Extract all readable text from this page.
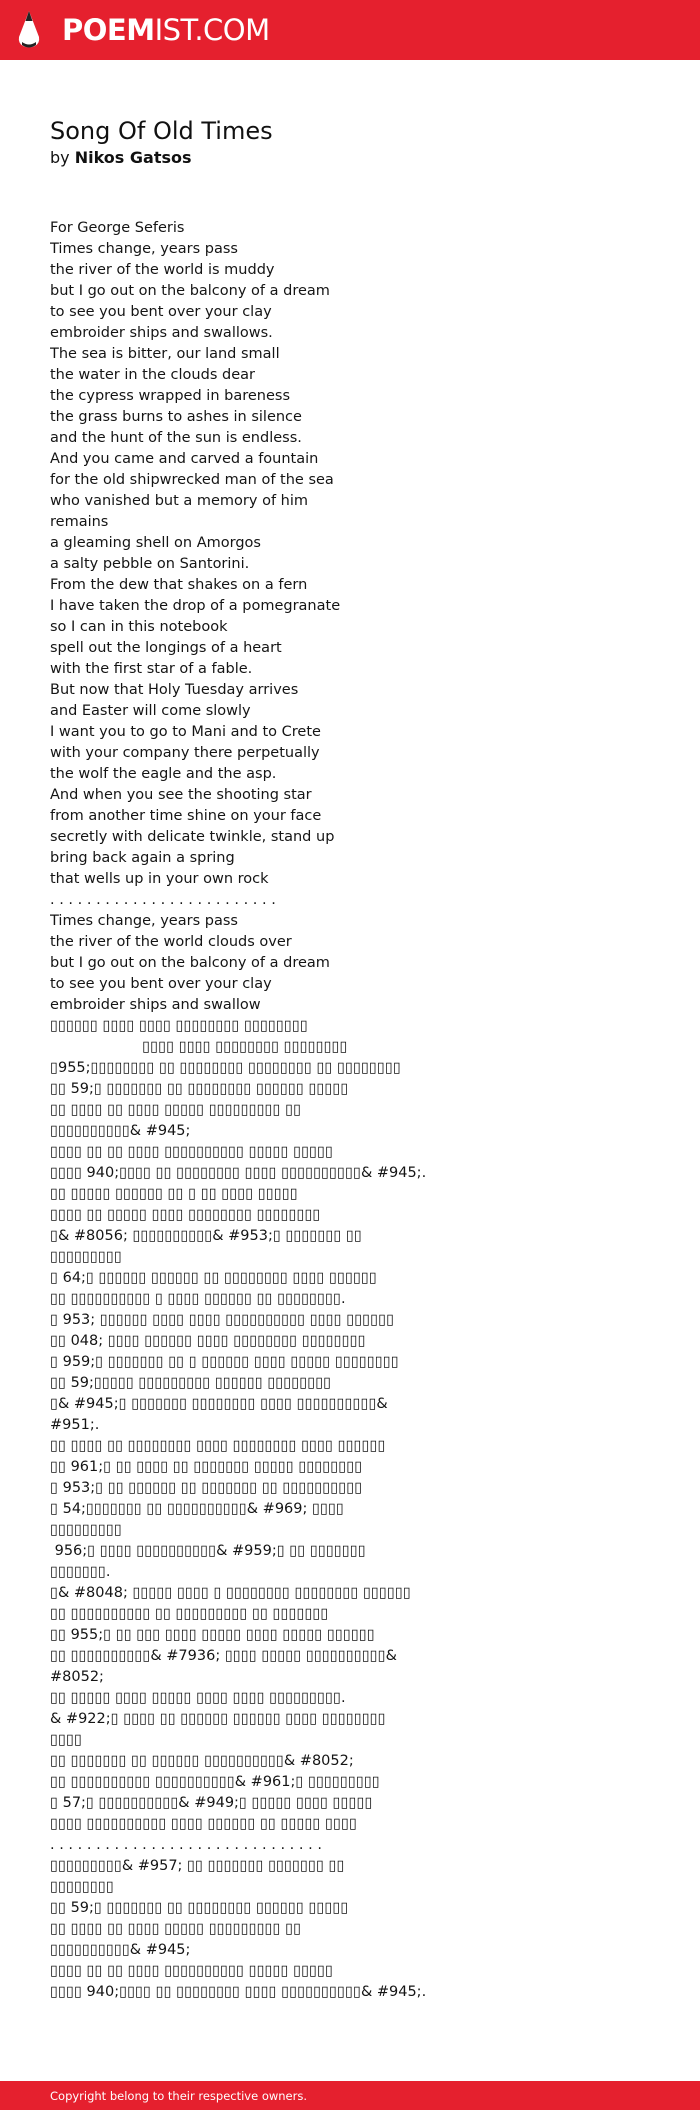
POEMIST.COM
Song Of Old Times
by Nikos Gatsos
For George Seferis
Times change, years pass
the river of the world is muddy
but I go out on the balcony of a dream
to see you bent over your clay
embroider ships and swallows.
The sea is bitter, our land small
the water in the clouds dear
the cypress wrapped in bareness
the grass burns to ashes in silence
and the hunt of the sun is endless.
And you came and carved a fountain
for the old shipwrecked man of the sea
who vanished but a memory of him
remains
a gleaming shell on Amorgos
a salty pebble on Santorini.
From the dew that shakes on a fern
I have taken the drop of a pomegranate
so I can in this notebook
spell out the longings of a heart
with the first star of a fable.
But now that Holy Tuesday arrives
and Easter will come slowly
I want you to go to Mani and to Crete
with your company there perpetually
the wolf the eagle and the asp.
And when you see the shooting star
from another time shine on your face
secretly with delicate twinkle, stand up
bring back again a spring
that wells up in your own rock
. . . . . . . . . . . . . . . . . . . . . . . . .
Times change, years pass
the river of the world clouds over
but I go out on the balcony of a dream
to see you bent over your clay
embroider ships and swallow
▯▯▯▯▯▯ ▯▯▯▯ ▯▯▯▯ ▯▯▯▯▯▯▯▯ ▯▯▯▯▯▯▯▯
▯▯▯▯ ▯▯▯▯ ▯▯▯▯▯▯▯▯ ▯▯▯▯▯▯▯▯
▯955;▯▯▯▯▯▯▯▯ ▯▯ ▯▯▯▯▯▯▯▯ ▯▯▯▯▯▯▯▯ ▯▯ ▯▯▯▯▯▯▯▯
▯▯ 59;▯ ▯▯▯▯▯▯▯ ▯▯ ▯▯▯▯▯▯▯▯ ▯▯▯▯▯▯ ▯▯▯▯▯
▯▯ ▯▯▯▯ ▯▯ ▯▯▯▯ ▯▯▯▯▯ ▯▯▯▯▯▯▯▯▯ ▯▯
▯▯▯▯▯▯▯▯▯▯& #945;
▯▯▯▯ ▯▯ ▯▯ ▯▯▯▯ ▯▯▯▯▯▯▯▯▯▯ ▯▯▯▯▯ ▯▯▯▯▯
▯▯▯▯ 940;▯▯▯▯ ▯▯ ▯▯▯▯▯▯▯▯ ▯▯▯▯ ▯▯▯▯▯▯▯▯▯▯& #945;.
▯▯ ▯▯▯▯▯ ▯▯▯▯▯▯ ▯▯ ▯ ▯▯ ▯▯▯▯ ▯▯▯▯▯
▯▯▯▯ ▯▯ ▯▯▯▯▯ ▯▯▯▯ ▯▯▯▯▯▯▯▯ ▯▯▯▯▯▯▯▯
▯& #8056; ▯▯▯▯▯▯▯▯▯▯& #953;▯ ▯▯▯▯▯▯▯ ▯▯
▯▯▯▯▯▯▯▯▯
▯ 64;▯ ▯▯▯▯▯▯ ▯▯▯▯▯▯ ▯▯ ▯▯▯▯▯▯▯▯ ▯▯▯▯ ▯▯▯▯▯▯
▯▯ ▯▯▯▯▯▯▯▯▯▯ ▯ ▯▯▯▯ ▯▯▯▯▯▯ ▯▯ ▯▯▯▯▯▯▯▯.
▯ 953; ▯▯▯▯▯▯ ▯▯▯▯ ▯▯▯▯ ▯▯▯▯▯▯▯▯▯▯ ▯▯▯▯ ▯▯▯▯▯▯
▯▯ 048; ▯▯▯▯ ▯▯▯▯▯▯ ▯▯▯▯ ▯▯▯▯▯▯▯▯ ▯▯▯▯▯▯▯▯
▯ 959;▯ ▯▯▯▯▯▯▯ ▯▯ ▯ ▯▯▯▯▯▯ ▯▯▯▯ ▯▯▯▯▯ ▯▯▯▯▯▯▯▯
▯▯ 59;▯▯▯▯▯ ▯▯▯▯▯▯▯▯▯ ▯▯▯▯▯▯ ▯▯▯▯▯▯▯▯
▯& #945;▯ ▯▯▯▯▯▯▯ ▯▯▯▯▯▯▯▯ ▯▯▯▯ ▯▯▯▯▯▯▯▯▯▯&
#951;.
▯▯ ▯▯▯▯ ▯▯ ▯▯▯▯▯▯▯▯ ▯▯▯▯ ▯▯▯▯▯▯▯▯ ▯▯▯▯ ▯▯▯▯▯▯
▯▯ 961;▯ ▯▯ ▯▯▯▯ ▯▯ ▯▯▯▯▯▯▯ ▯▯▯▯▯ ▯▯▯▯▯▯▯▯
▯ 953;▯ ▯▯ ▯▯▯▯▯▯ ▯▯ ▯▯▯▯▯▯▯ ▯▯ ▯▯▯▯▯▯▯▯▯▯
▯ 54;▯▯▯▯▯▯▯ ▯▯ ▯▯▯▯▯▯▯▯▯▯& #969; ▯▯▯▯
▯▯▯▯▯▯▯▯▯
956;▯ ▯▯▯▯ ▯▯▯▯▯▯▯▯▯▯& #959;▯ ▯▯ ▯▯▯▯▯▯▯
▯▯▯▯▯▯▯.
▯& #8048; ▯▯▯▯▯ ▯▯▯▯ ▯ ▯▯▯▯▯▯▯▯ ▯▯▯▯▯▯▯▯ ▯▯▯▯▯▯
▯▯ ▯▯▯▯▯▯▯▯▯▯ ▯▯ ▯▯▯▯▯▯▯▯▯ ▯▯ ▯▯▯▯▯▯▯
▯▯ 955;▯ ▯▯ ▯▯▯ ▯▯▯▯ ▯▯▯▯▯ ▯▯▯▯ ▯▯▯▯▯ ▯▯▯▯▯▯
▯▯ ▯▯▯▯▯▯▯▯▯▯& #7936; ▯▯▯▯ ▯▯▯▯▯ ▯▯▯▯▯▯▯▯▯▯&
#8052;
▯▯ ▯▯▯▯▯ ▯▯▯▯ ▯▯▯▯▯ ▯▯▯▯ ▯▯▯▯ ▯▯▯▯▯▯▯▯▯.
& #922;▯ ▯▯▯▯ ▯▯ ▯▯▯▯▯▯ ▯▯▯▯▯▯ ▯▯▯▯ ▯▯▯▯▯▯▯▯
▯▯▯▯
▯▯ ▯▯▯▯▯▯▯ ▯▯ ▯▯▯▯▯▯ ▯▯▯▯▯▯▯▯▯▯& #8052;
▯▯ ▯▯▯▯▯▯▯▯▯▯ ▯▯▯▯▯▯▯▯▯▯& #961;▯ ▯▯▯▯▯▯▯▯▯
▯ 57;▯ ▯▯▯▯▯▯▯▯▯▯& #949;▯ ▯▯▯▯▯ ▯▯▯▯ ▯▯▯▯▯
▯▯▯▯ ▯▯▯▯▯▯▯▯▯▯ ▯▯▯▯ ▯▯▯▯▯▯ ▯▯ ▯▯▯▯▯ ▯▯▯▯
. . . . . . . . . . . . . . . . . . . . . . . . . . . . . .
▯▯▯▯▯▯▯▯▯& #957; ▯▯ ▯▯▯▯▯▯▯ ▯▯▯▯▯▯▯ ▯▯
▯▯▯▯▯▯▯▯
▯▯ 59;▯ ▯▯▯▯▯▯▯ ▯▯ ▯▯▯▯▯▯▯▯ ▯▯▯▯▯▯ ▯▯▯▯▯
▯▯ ▯▯▯▯ ▯▯ ▯▯▯▯ ▯▯▯▯▯ ▯▯▯▯▯▯▯▯▯ ▯▯
▯▯▯▯▯▯▯▯▯▯& #945;
▯▯▯▯ ▯▯ ▯▯ ▯▯▯▯ ▯▯▯▯▯▯▯▯▯▯ ▯▯▯▯▯ ▯▯▯▯▯
▯▯▯▯ 940;▯▯▯▯ ▯▯ ▯▯▯▯▯▯▯▯ ▯▯▯▯ ▯▯▯▯▯▯▯▯▯▯& #945;.
Copyright belong to their respective owners.
